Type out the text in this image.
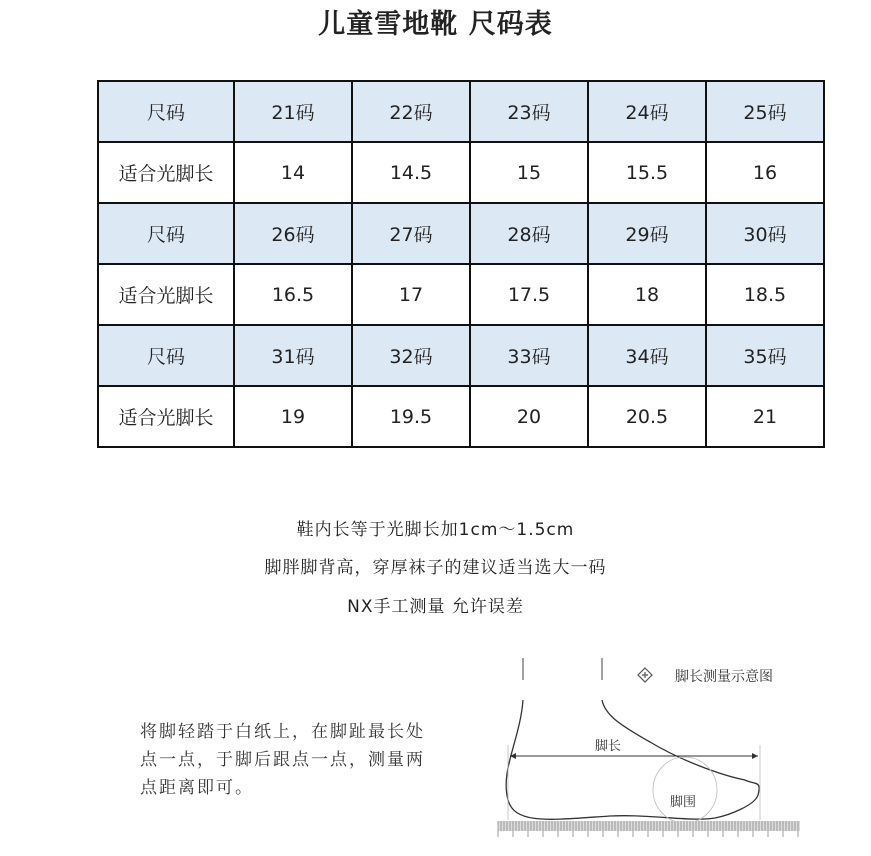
儿童雪地靴 尺码表
尺码	21码	22码	23码	24码	25码
适合光脚长	14	14.5	15	15.5	16
尺码	26码	27码	28码	29码	30码
适合光脚长	16.5	17	17.5	18	18.5
尺码	31码	32码	33码	34码	35码
适合光脚长	19	19.5	20	20.5	21
鞋内长等于光脚长加1cm～1.5cm
脚胖脚背高，穿厚袜子的建议适当选大一码
NX手工测量 允许误差
将脚轻踏于白纸上，在脚趾最长处点一点，于脚后跟点一点，测量两点距离即可。
脚长测量示意图
脚长
脚围
